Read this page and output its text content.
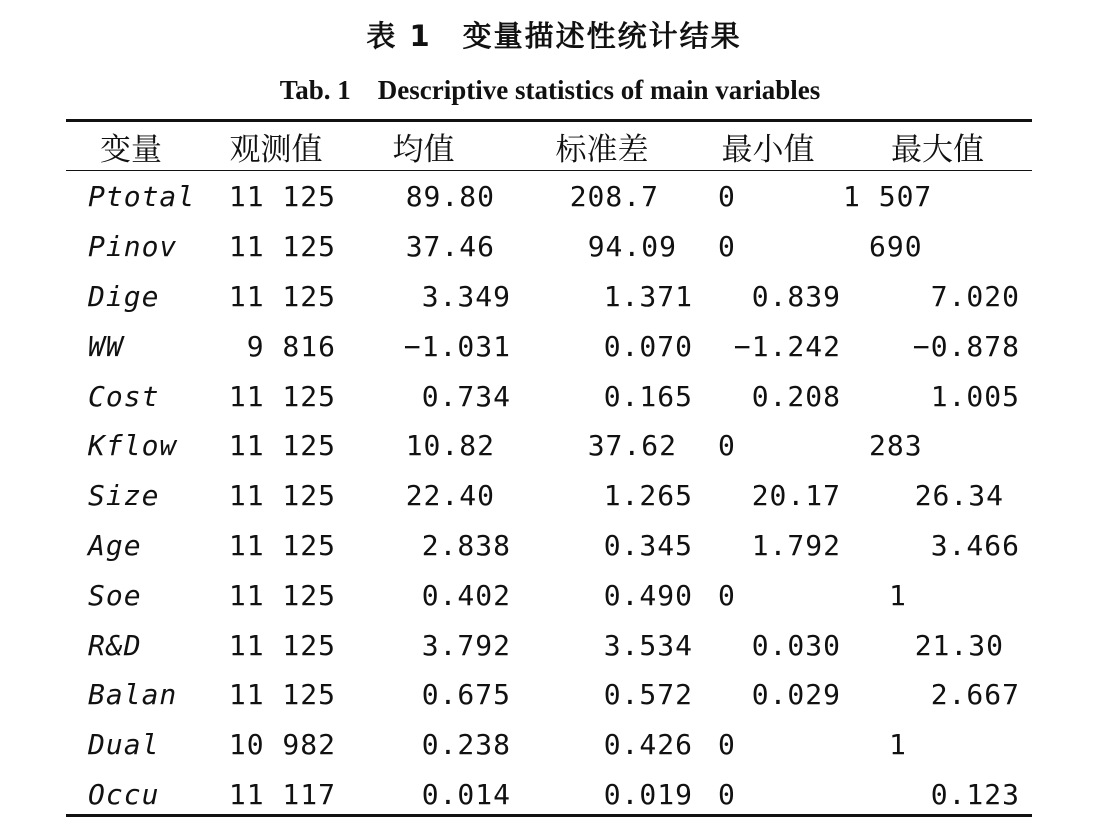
表 1　变量描述性统计结果
Tab. 1　Descriptive statistics of main variables
变量	观测值	均值	标准差	最小值	最大值
Ptotal	11 125	89.80	208.7	0	1 507
Pinov	11 125	37.46	94.09	0	690
Dige	11 125	3.349	1.371	0.839	7.020
WW	9 816	−1.031	0.070	−1.242	−0.878
Cost	11 125	0.734	0.165	0.208	1.005
Kflow	11 125	10.82	37.62	0	283
Size	11 125	22.40	1.265	20.17	26.34
Age	11 125	2.838	0.345	1.792	3.466
Soe	11 125	0.402	0.490	0	1
R&D	11 125	3.792	3.534	0.030	21.30
Balan	11 125	0.675	0.572	0.029	2.667
Dual	10 982	0.238	0.426	0	1
Occu	11 117	0.014	0.019	0	0.123
